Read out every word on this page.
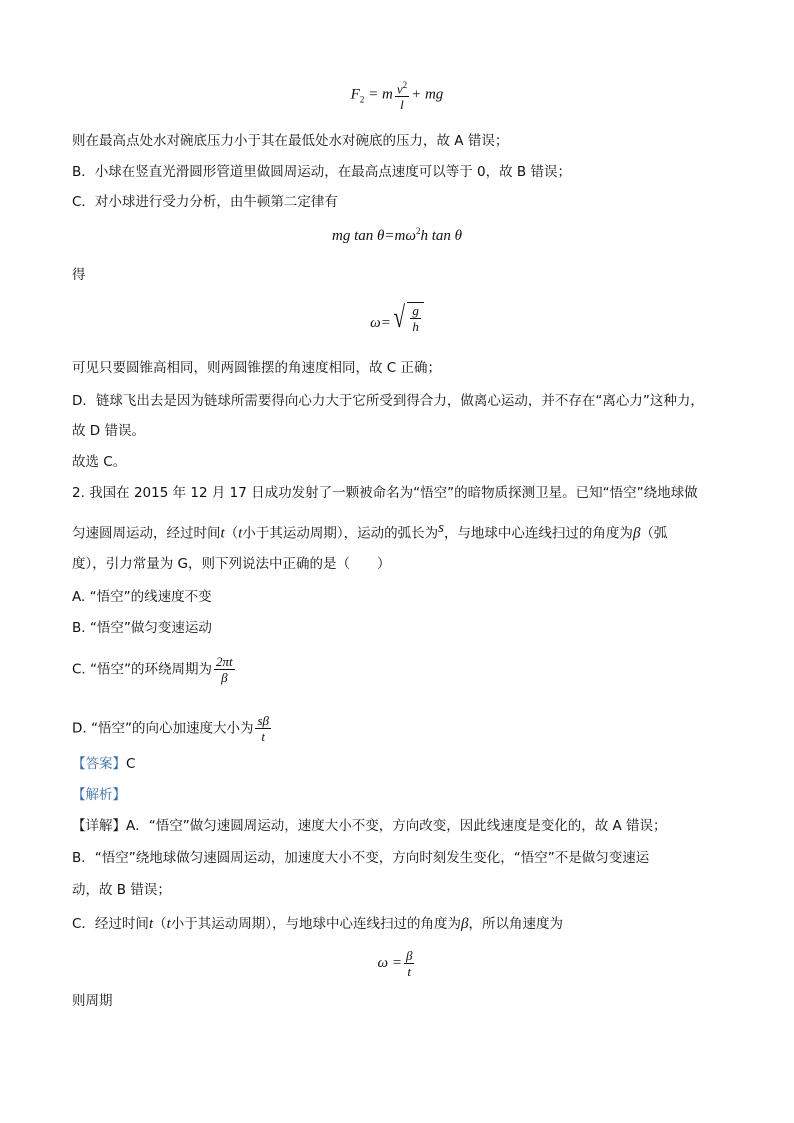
$F_2 = m \frac{v^2}{l}$ + mg
则在最高点处水对碗底压力小于其在最低处水对碗底的压力，故 A 错误；
B．小球在竖直光滑圆形管道里做圆周运动，在最高点速度可以等于 0，故 B 错误；
C．对小球进行受力分析，由牛顿第二定律有
mg $\tan \theta=m\omega^2h$ tan θ
得
ω= √ $\frac{g}{h}$
可见只要圆锥高相同，则两圆锥摆的角速度相同，故 C 正确；
D．链球飞出去是因为链球所需要得向心力大于它所受到得合力，做离心运动，并不存在“离心力”这种力，
故 D 错误。
故选 C。
2. 我国在 2015 年 12 月 17 日成功发射了一颗被命名为“悟空”的暗物质探测卫星。已知“悟空”绕地球做
匀速圆周运动，经过时间t（t小于其运动周期），运动的弧长为$^s$，与地球中心连线扫过的角度为β（弧
度），引力常量为 G，则下列说法中正确的是（　　）
A. “悟空”的线速度不变
B. “悟空”做匀变速运动
C. “悟空”的环绕周期为 $\frac{2\pi t}{\beta}$
D. “悟空”的向心加速度大小为 $\frac{s\beta}{t}$
【答案】C
【解析】
【详解】A．“悟空”做匀速圆周运动，速度大小不变，方向改变，因此线速度是变化的，故 A 错误；
B．“悟空”绕地球做匀速圆周运动，加速度大小不变，方向时刻发生变化，“悟空”不是做匀变速运
动，故 B 错误；
C．经过时间t（t小于其运动周期），与地球中心连线扫过的角度为β，所以角速度为
$\omega = \frac{\beta}{t}$
则周期
